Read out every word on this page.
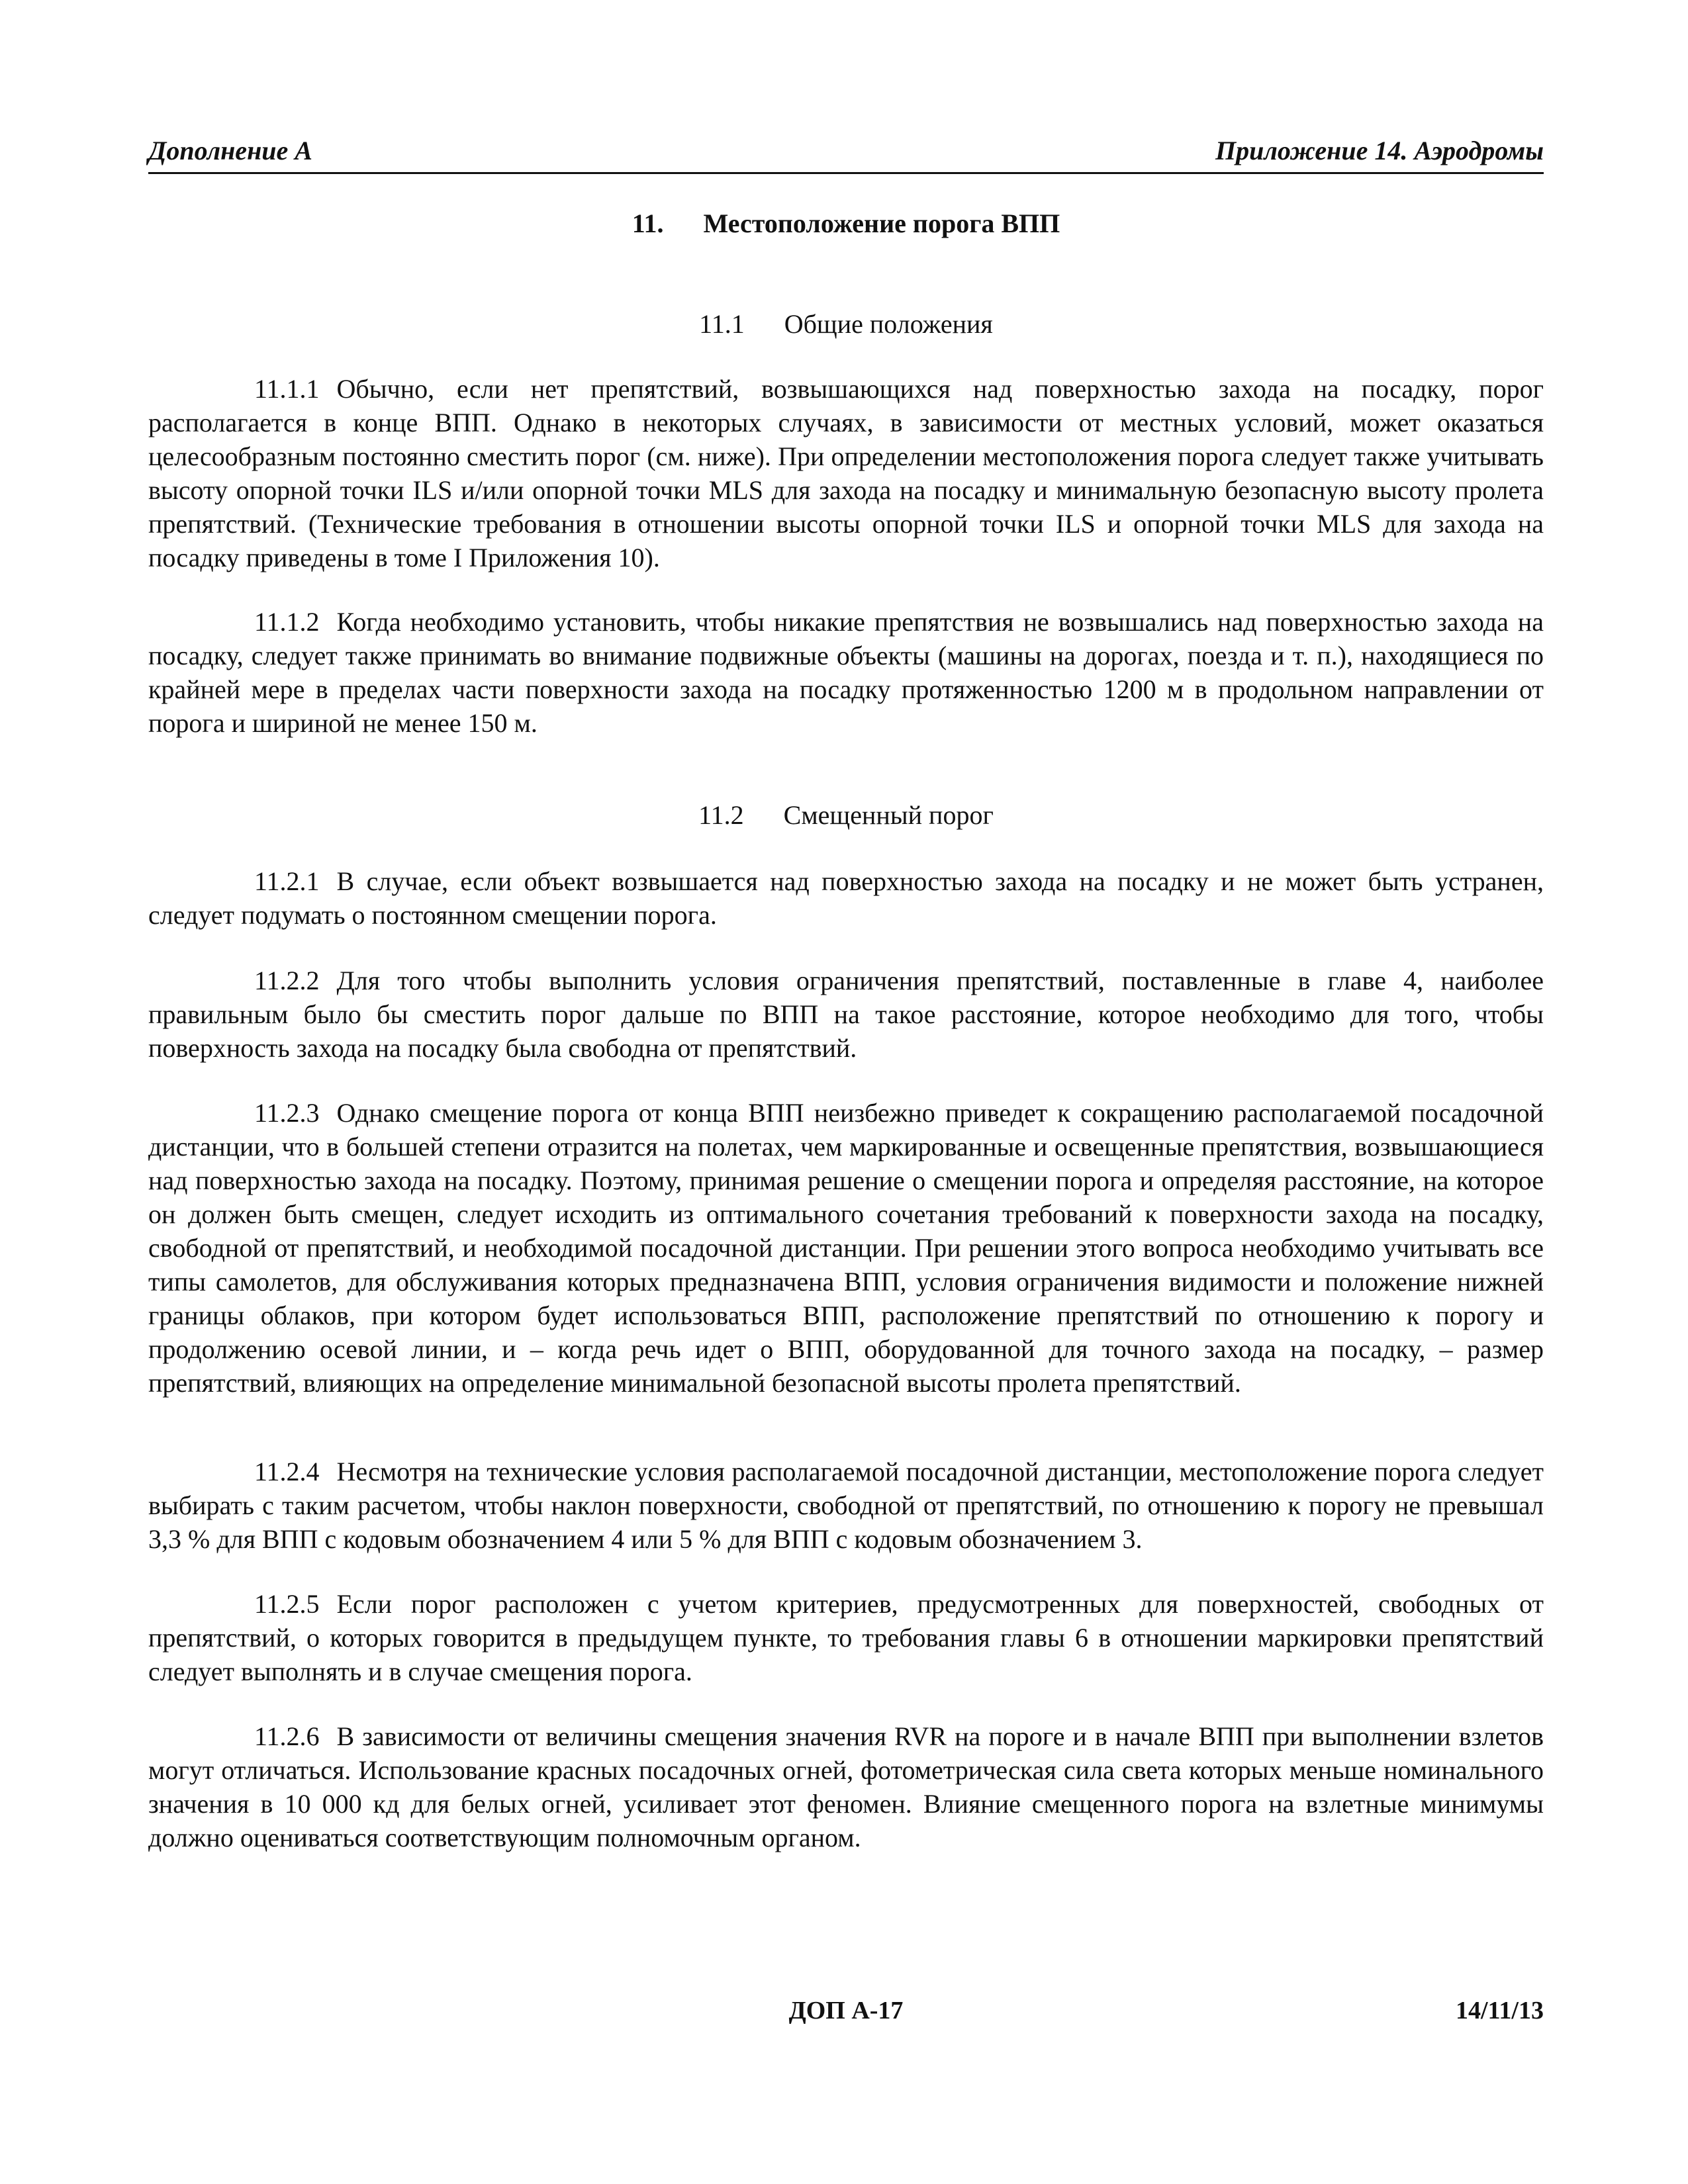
Дополнение А	Приложение 14. Аэродромы
11. Местоположение порога ВПП
11.1 Общие положения

11.1.1 Обычно, если нет препятствий, возвышающихся над поверхностью захода на посадку, порог располагается в конце ВПП. Однако в некоторых случаях, в зависимости от местных условий, может оказаться целесообразным постоянно сместить порог (см. ниже). При определении местоположения порога следует также учитывать высоту опорной точки ILS и/или опорной точки MLS для захода на посадку и минимальную безопасную высоту пролета препятствий. (Технические требования в отношении высоты опорной точки ILS и опорной точки MLS для захода на посадку приведены в томе I Приложения 10).

11.1.2 Когда необходимо установить, чтобы никакие препятствия не возвышались над поверхностью захода на посадку, следует также принимать во внимание подвижные объекты (машины на дорогах, поезда и т. п.), находящиеся по крайней мере в пределах части поверхности захода на посадку протяженностью 1200 м в продольном направлении от порога и шириной не менее 150 м.

11.2 Смещенный порог

11.2.1 В случае, если объект возвышается над поверхностью захода на посадку и не может быть устранен, следует подумать о постоянном смещении порога.

11.2.2 Для того чтобы выполнить условия ограничения препятствий, поставленные в главе 4, наиболее правильным было бы сместить порог дальше по ВПП на такое расстояние, которое необходимо для того, чтобы поверхность захода на посадку была свободна от препятствий.

11.2.3 Однако смещение порога от конца ВПП неизбежно приведет к сокращению располагаемой посадочной дистанции, что в большей степени отразится на полетах, чем маркированные и освещенные препятствия, возвышающиеся над поверхностью захода на посадку. Поэтому, принимая решение о смещении порога и определяя расстояние, на которое он должен быть смещен, следует исходить из оптимального сочетания требований к поверхности захода на посадку, свободной от препятствий, и необходимой посадочной дистанции. При решении этого вопроса необходимо учитывать все типы самолетов, для обслуживания которых предназначена ВПП, условия ограничения видимости и положение нижней границы облаков, при котором будет использоваться ВПП, расположение препятствий по отношению к порогу и продолжению осевой линии, и – когда речь идет о ВПП, оборудованной для точного захода на посадку, – размер препятствий, влияющих на определение минимальной безопасной высоты пролета препятствий.

11.2.4 Несмотря на технические условия располагаемой посадочной дистанции, местоположение порога следует выбирать с таким расчетом, чтобы наклон поверхности, свободной от препятствий, по отношению к порогу не превышал 3,3 % для ВПП с кодовым обозначением 4 или 5 % для ВПП с кодовым обозначением 3.

11.2.5 Если порог расположен с учетом критериев, предусмотренных для поверхностей, свободных от препятствий, о которых говорится в предыдущем пункте, то требования главы 6 в отношении маркировки препятствий следует выполнять и в случае смещения порога.

11.2.6 В зависимости от величины смещения значения RVR на пороге и в начале ВПП при выполнении взлетов могут отличаться. Использование красных посадочных огней, фотометрическая сила света которых меньше номинального значения в 10 000 кд для белых огней, усиливает этот феномен. Влияние смещенного порога на взлетные минимумы должно оцениваться соответствующим полномочным органом.

ДОП А-17	14/11/13
